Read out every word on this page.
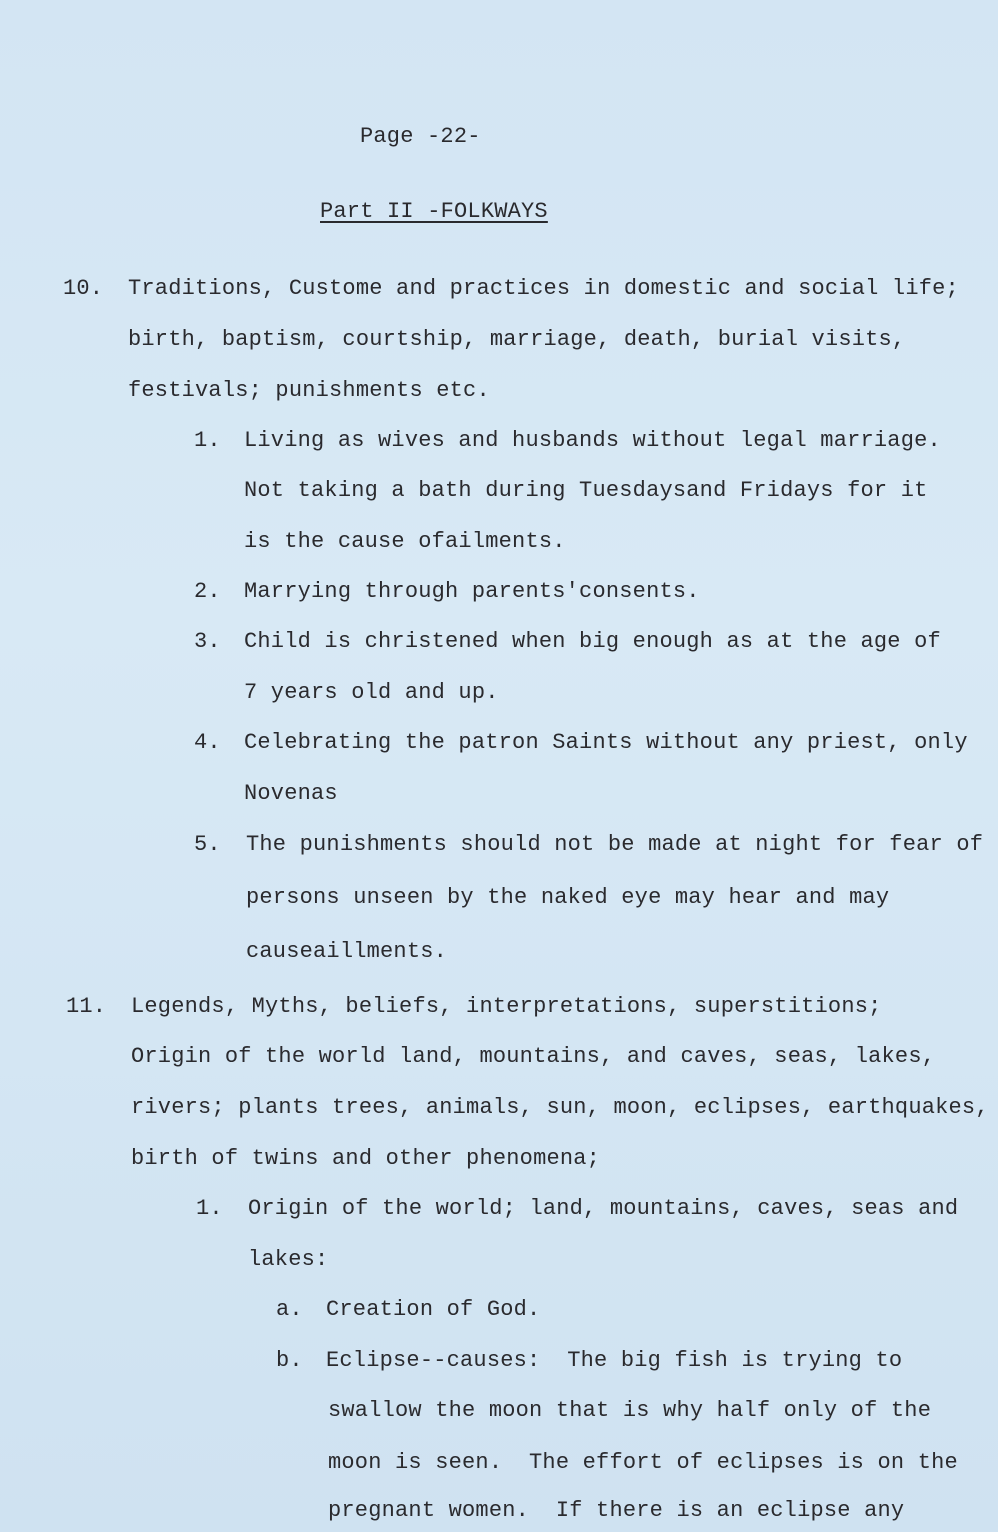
Page -22-
Part II -FOLKWAYS
10. Traditions, Custome and practices in domestic and social life;
birth, baptism, courtship, marriage, death, burial visits,
festivals; punishments etc.
1. Living as wives and husbands without legal marriage.
Not taking a bath during Tuesdaysand Fridays for it
is the cause ofailments.
2. Marrying through parents'consents.
3. Child is christened when big enough as at the age of
7 years old and up.
4. Celebrating the patron Saints without any priest, only
Novenas
5. The punishments should not be made at night for fear of
persons unseen by the naked eye may hear and may
causeaillments.
11. Legends, Myths, beliefs, interpretations, superstitions;
Origin of the world land, mountains, and caves, seas, lakes,
rivers; plants trees, animals, sun, moon, eclipses, earthquakes,
birth of twins and other phenomena;
1. Origin of the world; land, mountains, caves, seas and
lakes:
a. Creation of God.
b. Eclipse--causes:  The big fish is trying to
swallow the moon that is why half only of the
moon is seen.  The effort of eclipses is on the
pregnant women.  If there is an eclipse any
